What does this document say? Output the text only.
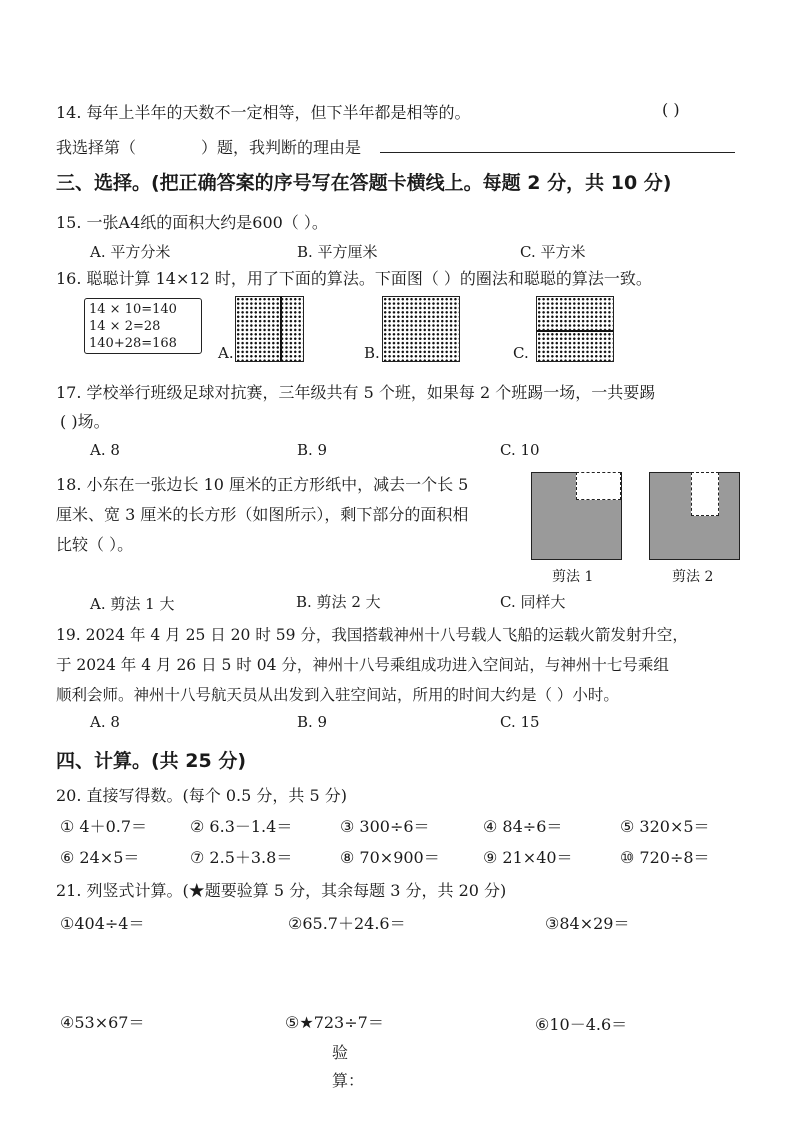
14. 每年上半年的天数不一定相等，但下半年都是相等的。	( )
我选择第（	）题，我判断的理由是
三、选择。(把正确答案的序号写在答题卡横线上。每题 2 分，共 10 分)
15. 一张A4纸的面积大约是600（ ）。
A. 平方分米	B. 平方厘米	C. 平方米
16. 聪聪计算 14×12 时，用了下面的算法。下面图（ ）的圈法和聪聪的算法一致。
14 × 10=140
14 × 2=28
140+28=168
A.	B.	C.
17. 学校举行班级足球对抗赛，三年级共有 5 个班，如果每 2 个班踢一场，一共要踢
( )场。
A. 8	B. 9	C. 10
18. 小东在一张边长 10 厘米的正方形纸中，减去一个长 5
厘米、宽 3 厘米的长方形（如图所示），剩下部分的面积相
比较（ ）。
剪法 1	剪法 2
A. 剪法 1 大	B. 剪法 2 大	C. 同样大
19. 2024 年 4 月 25 日 20 时 59 分，我国搭载神州十八号载人飞船的运载火箭发射升空，
于 2024 年 4 月 26 日 5 时 04 分，神州十八号乘组成功进入空间站，与神州十七号乘组
顺利会师。神州十八号航天员从出发到入驻空间站，所用的时间大约是（ ）小时。
A. 8	B. 9	C. 15
四、计算。(共 25 分)
20. 直接写得数。(每个 0.5 分，共 5 分)
① 4＋0.7＝	② 6.3－1.4＝	③ 300÷6＝	④ 84÷6＝	⑤ 320×5＝
⑥ 24×5＝	⑦ 2.5＋3.8＝	⑧ 70×900＝	⑨ 21×40＝	⑩ 720÷8＝
21. 列竖式计算。(★题要验算 5 分，其余每题 3 分，共 20 分)
①404÷4＝	②65.7＋24.6＝	③84×29＝
④53×67＝	⑤★723÷7＝	⑥10－4.6＝
验
算：
